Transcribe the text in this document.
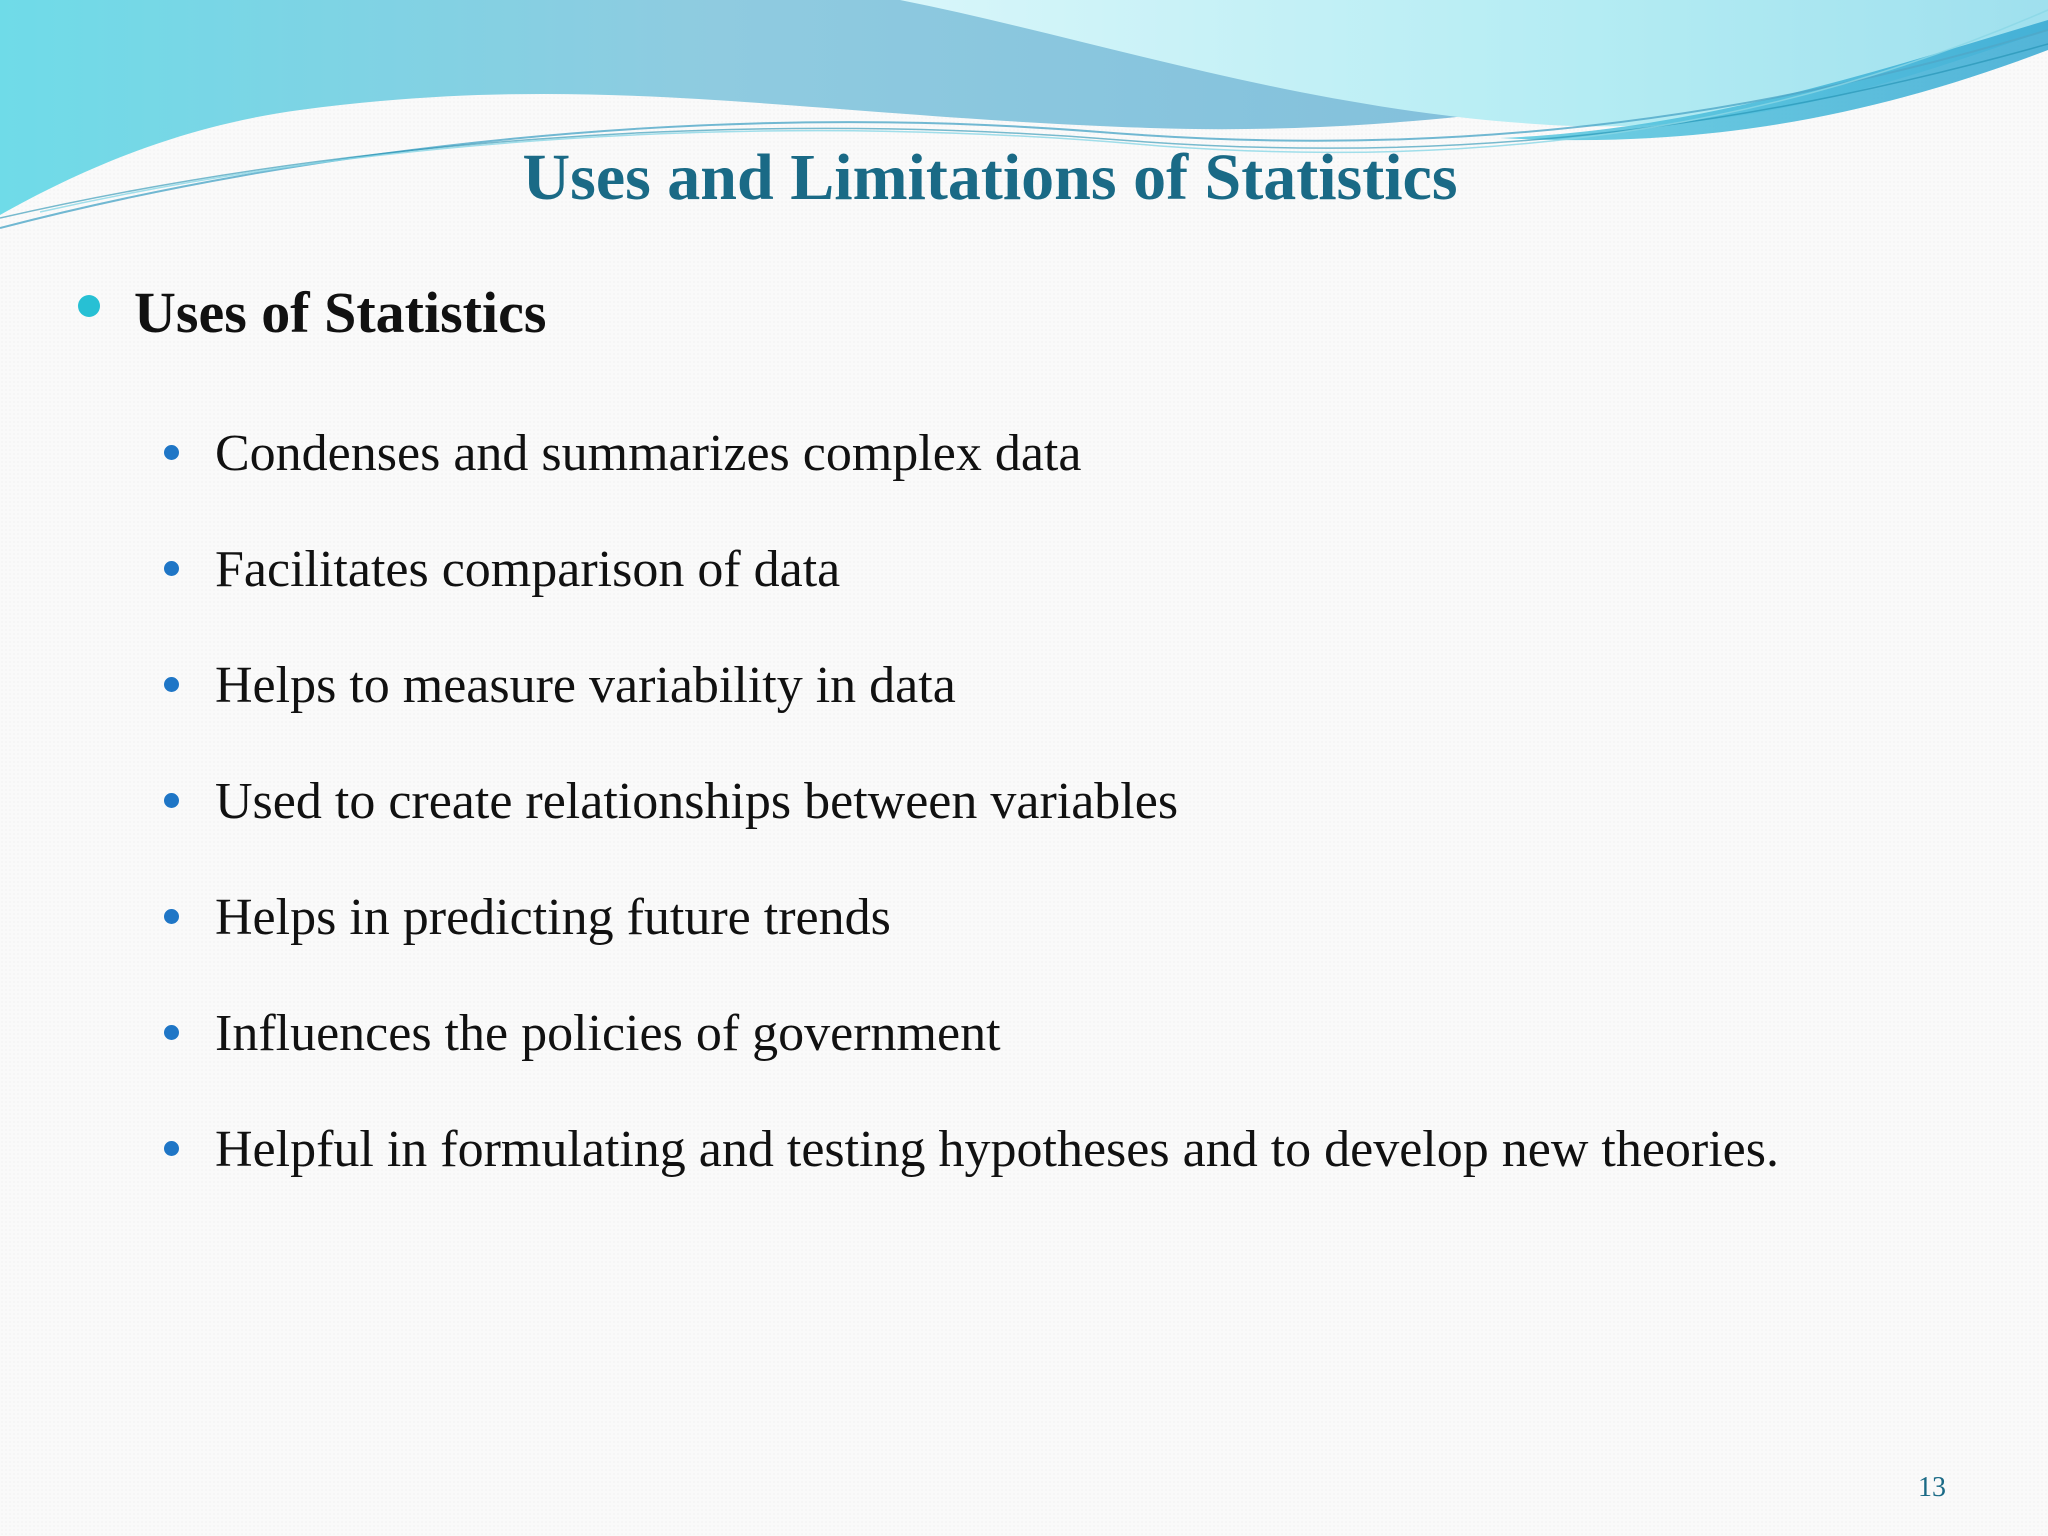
Uses and Limitations of Statistics
Uses of Statistics
Condenses and summarizes complex data
Facilitates comparison of data
Helps to measure variability in data
Used to create relationships between variables
Helps in predicting future trends
Influences the policies of government
Helpful in formulating and testing hypotheses and to develop new theories.
13
